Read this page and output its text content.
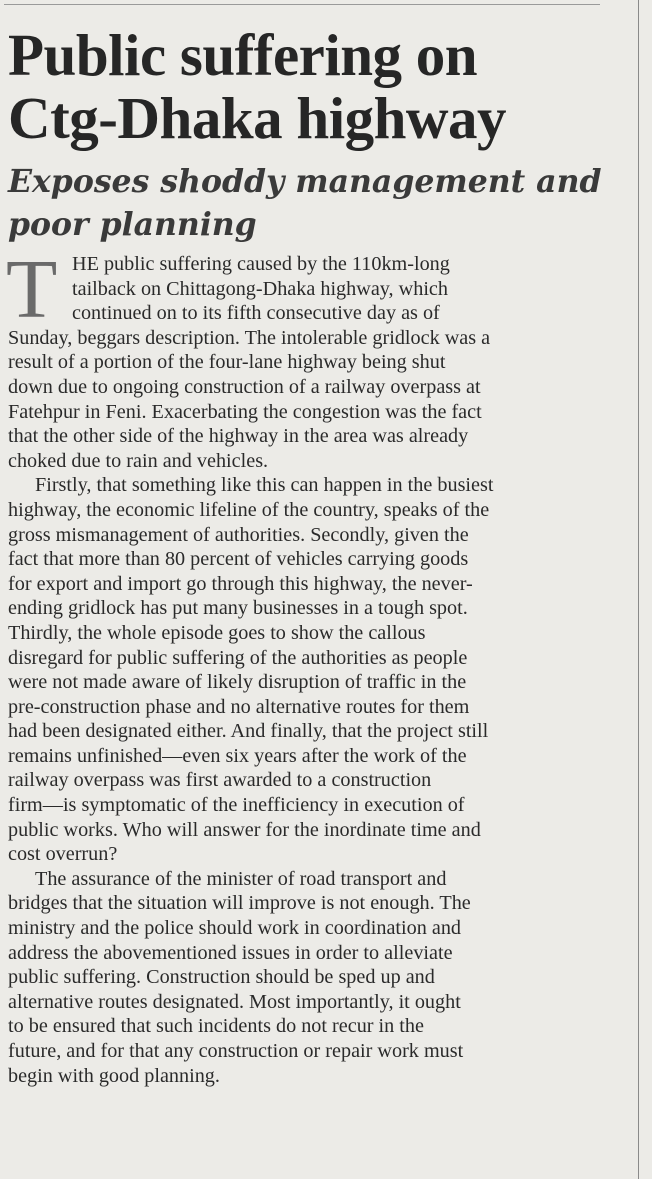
Public suffering on
Ctg-Dhaka highway
Exposes shoddy management and
poor planning

T HE public suffering caused by the 110km-long
tailback on Chittagong-Dhaka highway, which
continued on to its fifth consecutive day as of
Sunday, beggars description. The intolerable gridlock was a
result of a portion of the four-lane highway being shut
down due to ongoing construction of a railway overpass at
Fatehpur in Feni. Exacerbating the congestion was the fact
that the other side of the highway in the area was already
choked due to rain and vehicles.

Firstly, that something like this can happen in the busiest
highway, the economic lifeline of the country, speaks of the
gross mismanagement of authorities. Secondly, given the
fact that more than 80 percent of vehicles carrying goods
for export and import go through this highway, the never-
ending gridlock has put many businesses in a tough spot.
Thirdly, the whole episode goes to show the callous
disregard for public suffering of the authorities as people
were not made aware of likely disruption of traffic in the
pre-construction phase and no alternative routes for them
had been designated either. And finally, that the project still
remains unfinished—even six years after the work of the
railway overpass was first awarded to a construction
firm—is symptomatic of the inefficiency in execution of
public works. Who will answer for the inordinate time and
cost overrun?

The assurance of the minister of road transport and
bridges that the situation will improve is not enough. The
ministry and the police should work in coordination and
address the abovementioned issues in order to alleviate
public suffering. Construction should be sped up and
alternative routes designated. Most importantly, it ought
to be ensured that such incidents do not recur in the
future, and for that any construction or repair work must
begin with good planning.
